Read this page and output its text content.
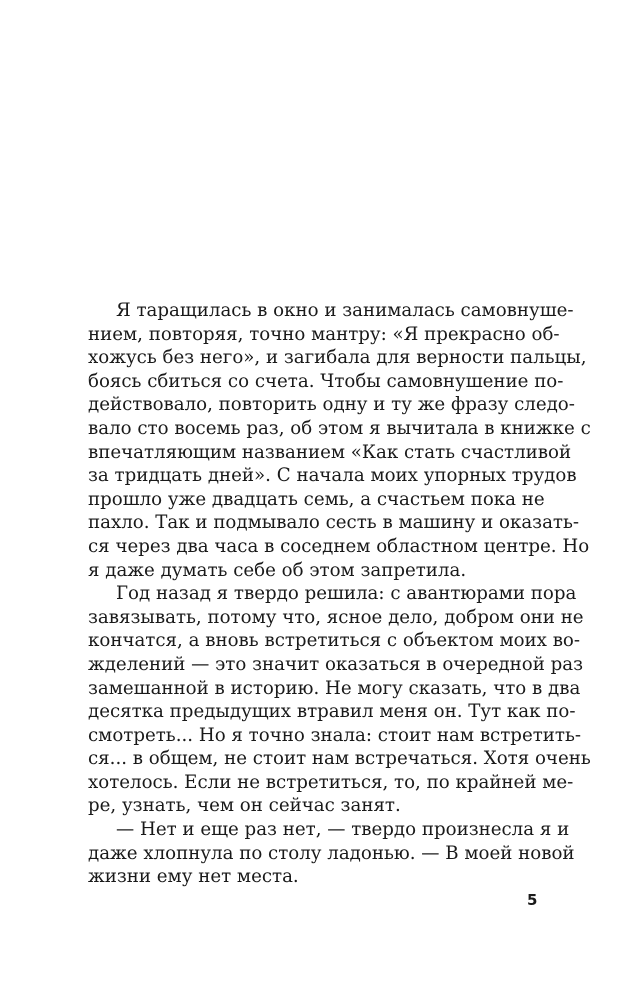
Я таращилась в окно и занималась самовнуше-
нием, повторяя, точно мантру: «Я прекрасно об-
хожусь без него», и загибала для верности пальцы,
боясь сбиться со счета. Чтобы самовнушение по-
действовало, повторить одну и ту же фразу следо-
вало сто восемь раз, об этом я вычитала в книжке с
впечатляющим названием «Как стать счастливой
за тридцать дней». С начала моих упорных трудов
прошло уже двадцать семь, а счастьем пока не
пахло. Так и подмывало сесть в машину и оказать-
ся через два часа в соседнем областном центре. Но
я даже думать себе об этом запретила.
Год назад я твердо решила: с авантюрами пора
завязывать, потому что, ясное дело, добром они не
кончатся, а вновь встретиться с объектом моих во-
жделений — это значит оказаться в очередной раз
замешанной в историю. Не могу сказать, что в два
десятка предыдущих втравил меня он. Тут как по-
смотреть... Но я точно знала: стоит нам встретить-
ся... в общем, не стоит нам встречаться. Хотя очень
хотелось. Если не встретиться, то, по крайней ме-
ре, узнать, чем он сейчас занят.
— Нет и еще раз нет, — твердо произнесла я и
даже хлопнула по столу ладонью. — В моей новой
жизни ему нет места.
5
